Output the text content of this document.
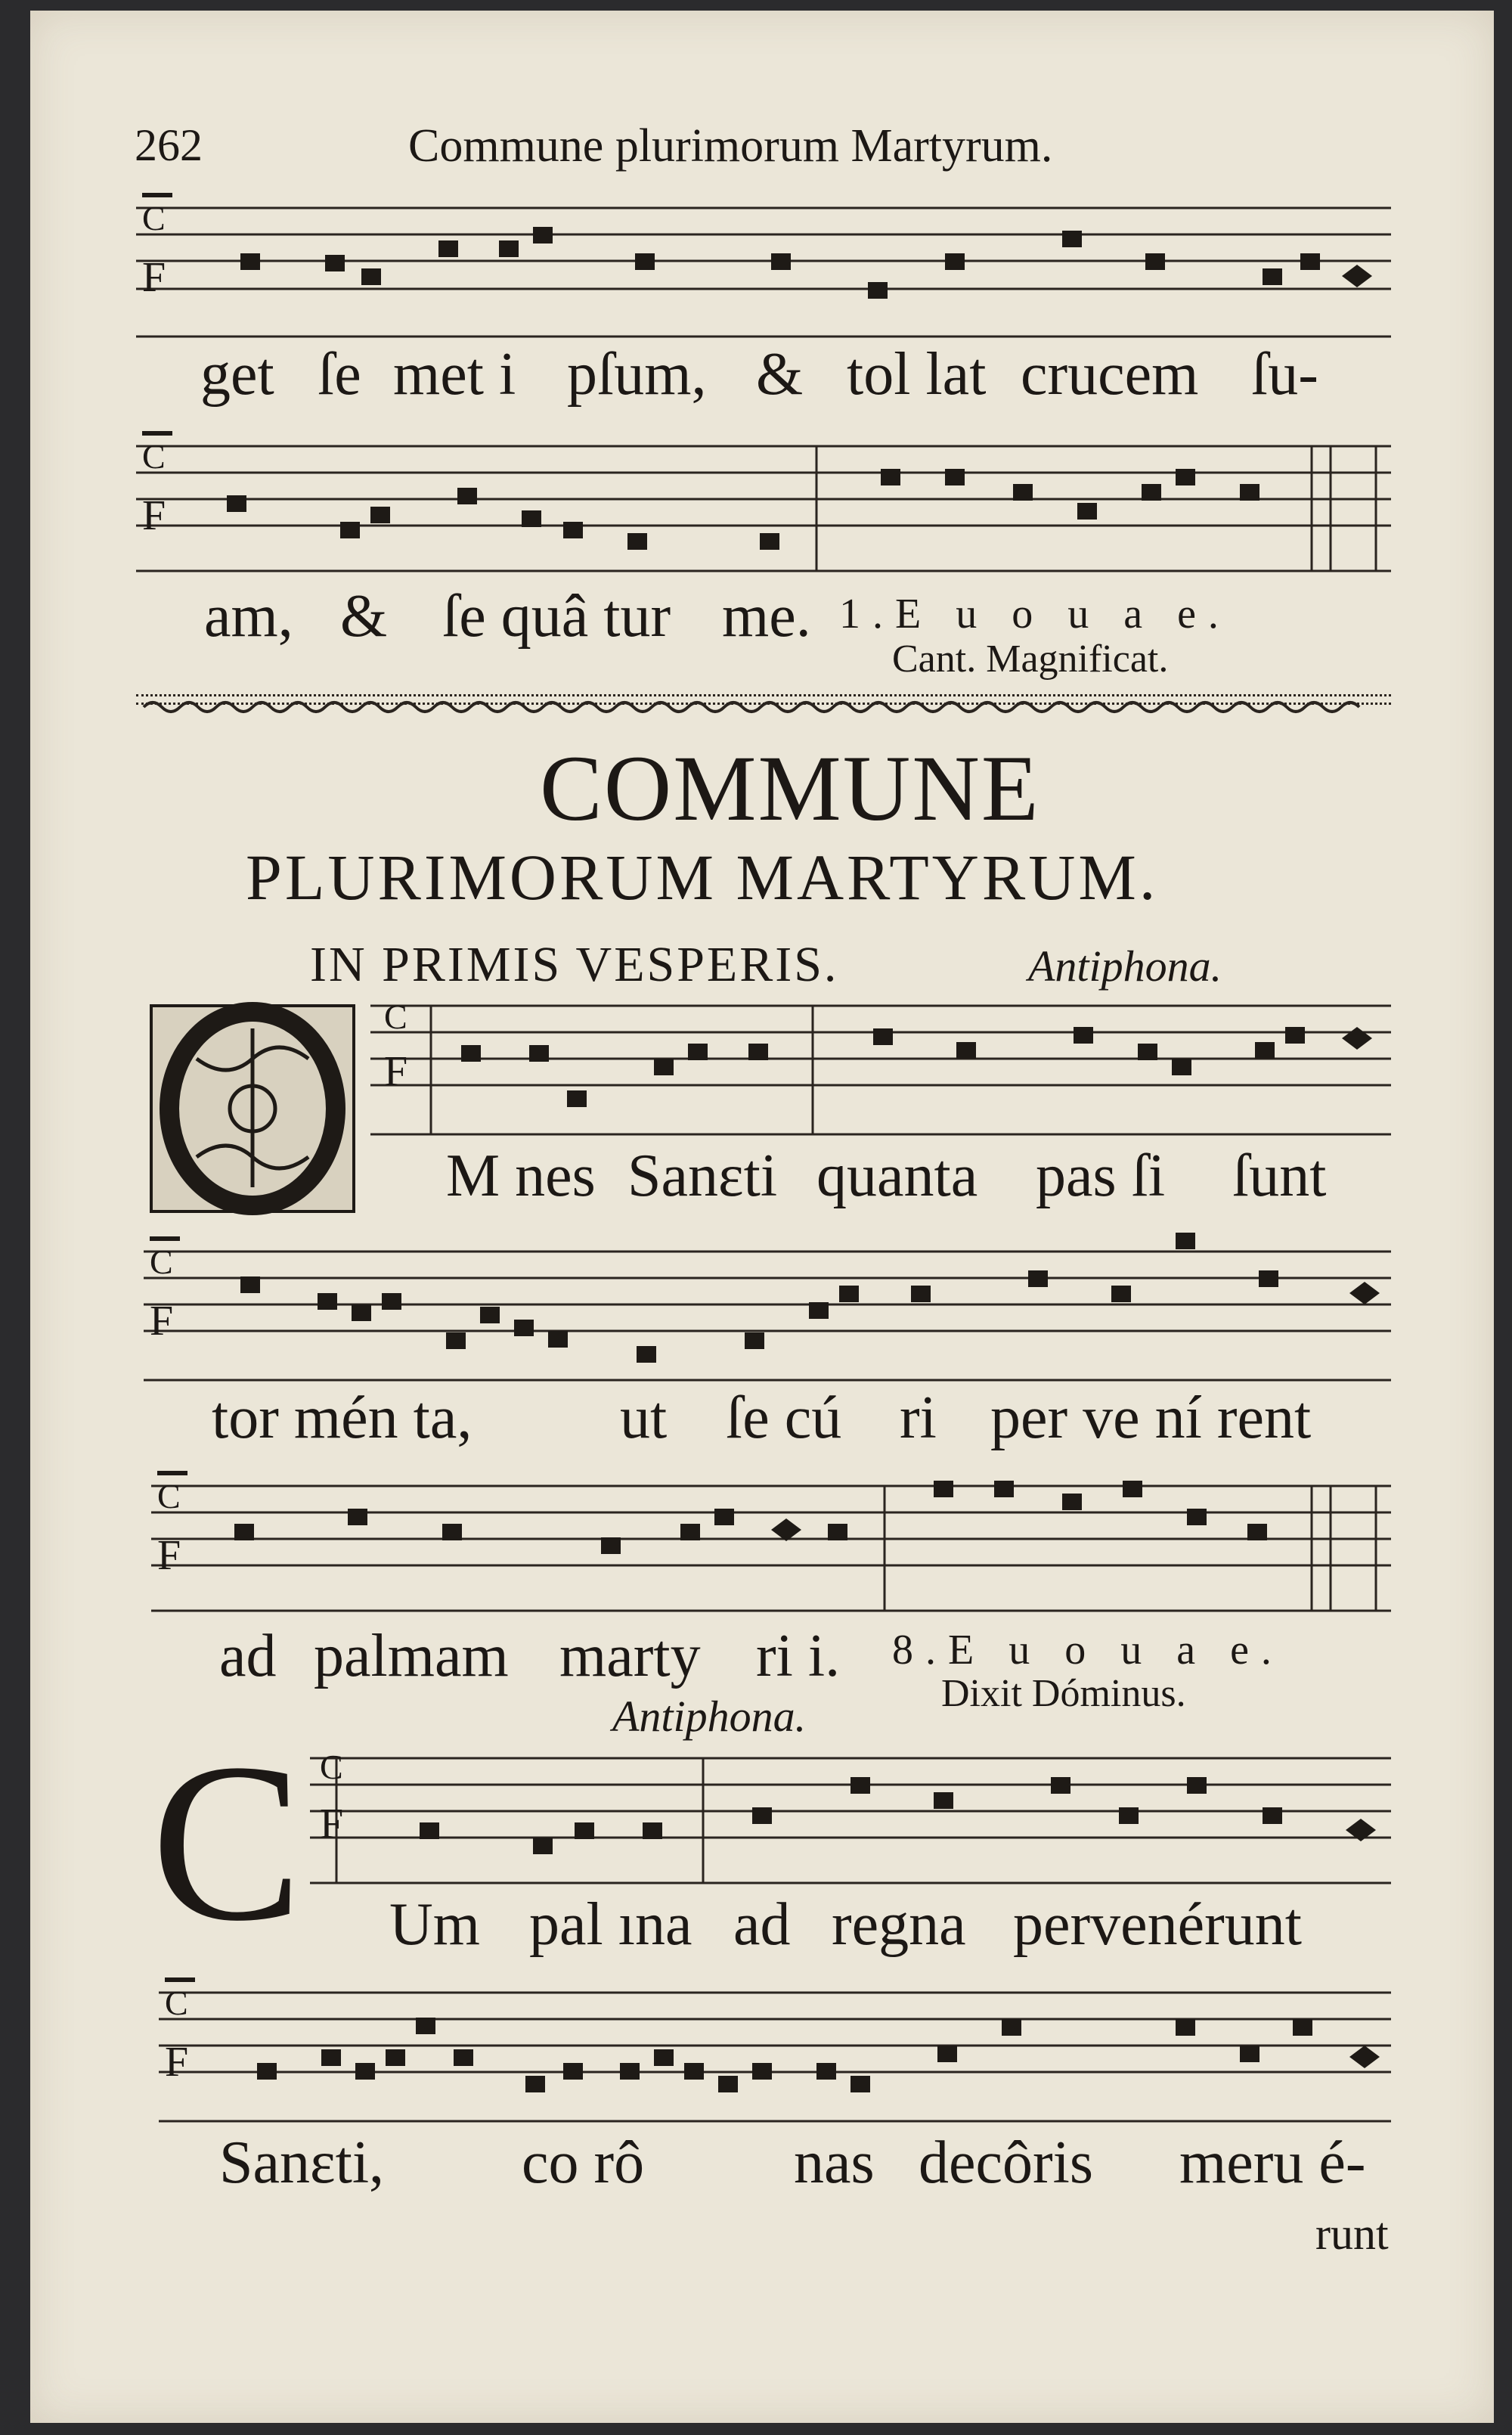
C
F
C
F
C
F
C
F
C
F
C
F
C
F
262	Commune plurimorum Martyrum.
get ſe met i pſum, & tol lat crucem ſu-
am, & ſe quâ tur me. 1.E u o u a e.
Cant. Magnificat.
COMMUNE
PLURIMORUM MARTYRUM.
IN PRIMIS VESPERIS.	Antiphona.
M nes Sanɛti quanta pas ſi ſunt
tor mén ta, ut ſe cú ri per ve ní rent
ad palmam marty ri i. 8.E u o u a e.
Dixit Dóminus.
Antiphona.
C Um pal ına ad regna pervenérunt
Sanɛti, co rô nas decôris meru é-
runt
